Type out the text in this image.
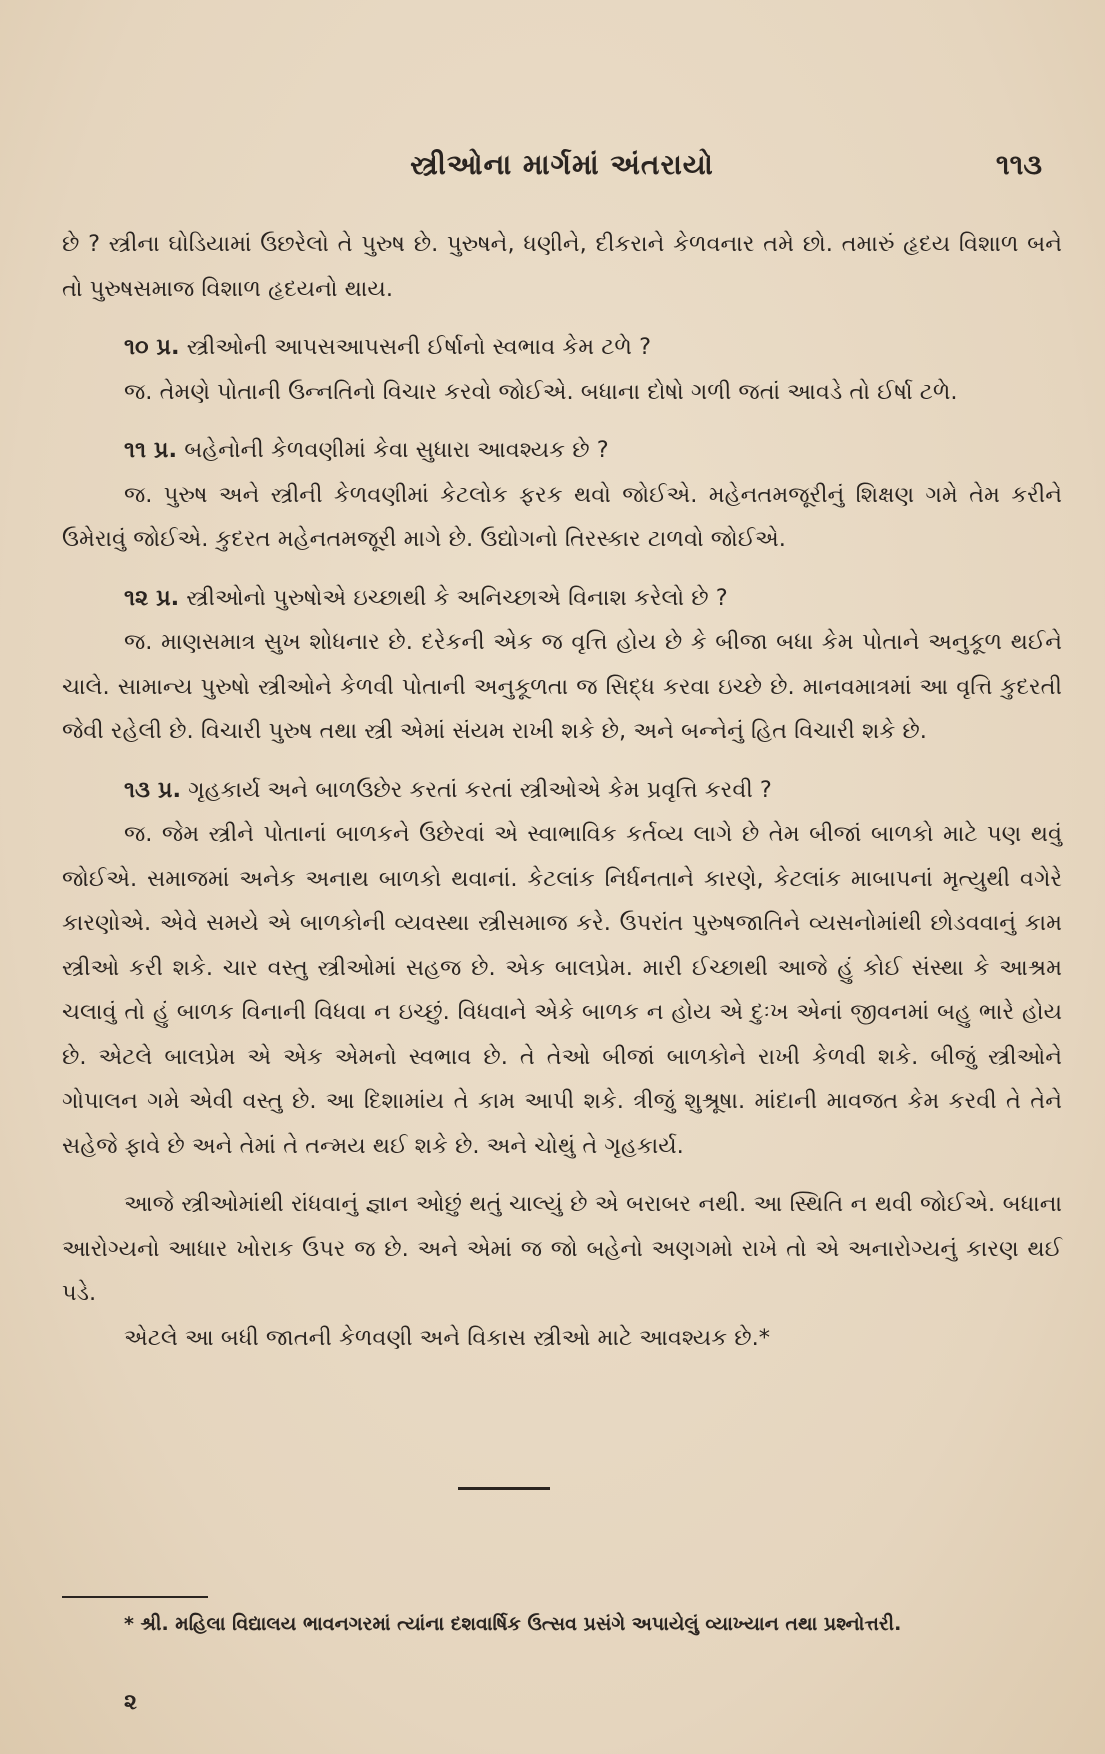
સ્ત્રીઓના માર્ગમાં અંતરાયો	૧૧૩

છે ? સ્ત્રીના ઘોડિયામાં ઉછરેલો તે પુરુષ છે. પુરુષને, ધણીને, દીકરાને કેળવનાર તમે છો. તમારું હૃદય વિશાળ બને તો પુરુષસમાજ વિશાળ હૃદયનો થાય.

૧૦ પ્ર. સ્ત્રીઓની આપસઆપસની ઈર્ષાનો સ્વભાવ કેમ ટળે ?

જ. તેમણે પોતાની ઉન્નતિનો વિચાર કરવો જોઈએ. બધાના દોષો ગળી જતાં આવડે તો ઈર્ષા ટળે.

૧૧ પ્ર. બહેનોની કેળવણીમાં કેવા સુધારા આવશ્યક છે ?

જ. પુરુષ અને સ્ત્રીની કેળવણીમાં કેટલોક ફરક થવો જોઈએ. મહેનતમજૂરીનું શિક્ષણ ગમે તેમ કરીને ઉમેરાવું જોઈએ. કુદરત મહેનતમજૂરી માગે છે. ઉદ્યોગનો તિરસ્કાર ટાળવો જોઈએ.

૧૨ પ્ર. સ્ત્રીઓનો પુરુષોએ ઇચ્છાથી કે અનિચ્છાએ વિનાશ કરેલો છે ?

જ. માણસમાત્ર સુખ શોધનાર છે. દરેકની એક જ વૃત્તિ હોય છે કે બીજા બધા કેમ પોતાને અનુકૂળ થઈને ચાલે. સામાન્ય પુરુષો સ્ત્રીઓને કેળવી પોતાની અનુકૂળતા જ સિદ્ધ કરવા ઇચ્છે છે. માનવમાત્રમાં આ વૃત્તિ કુદરતી જેવી રહેલી છે. વિચારી પુરુષ તથા સ્ત્રી એમાં સંયમ રાખી શકે છે, અને બન્નેનું હિત વિચારી શકે છે.

૧૩ પ્ર. ગૃહકાર્ય અને બાળઉછેર કરતાં કરતાં સ્ત્રીઓએ કેમ પ્રવૃત્તિ કરવી ?

જ. જેમ સ્ત્રીને પોતાનાં બાળકને ઉછેરવાં એ સ્વાભાવિક કર્તવ્ય લાગે છે તેમ બીજાં બાળકો માટે પણ થવું જોઈએ. સમાજમાં અનેક અનાથ બાળકો થવાનાં. કેટલાંક નિર્ધનતાને કારણે, કેટલાંક માબાપનાં મૃત્યુથી વગેરે કારણોએ. એવે સમયે એ બાળકોની વ્યવસ્થા સ્ત્રીસમાજ કરે. ઉપરાંત પુરુષજાતિને વ્યસનોમાંથી છોડવવાનું કામ સ્ત્રીઓ કરી શકે. ચાર વસ્તુ સ્ત્રીઓમાં સહજ છે. એક બાલપ્રેમ. મારી ઈચ્છાથી આજે હું કોઈ સંસ્થા કે આશ્રમ ચલાવું તો હું બાળક વિનાની વિધવા ન ઇચ્છું. વિધવાને એકે બાળક ન હોય એ દુઃખ એનાં જીવનમાં બહુ ભારે હોય છે. એટલે બાલપ્રેમ એ એક એમનો સ્વભાવ છે. તે તેઓ બીજાં બાળકોને રાખી કેળવી શકે. બીજું સ્ત્રીઓને ગોપાલન ગમે એવી વસ્તુ છે. આ દિશામાંય તે કામ આપી શકે. ત્રીજું શુશ્રૂષા. માંદાની માવજત કેમ કરવી તે તેને સહેજે ફાવે છે અને તેમાં તે તન્મય થઈ શકે છે. અને ચોથું તે ગૃહકાર્ય.

આજે સ્ત્રીઓમાંથી રાંધવાનું જ્ઞાન ઓછું થતું ચાલ્યું છે એ બરાબર નથી. આ સ્થિતિ ન થવી જોઈએ. બધાના આરોગ્યનો આધાર ખોરાક ઉપર જ છે. અને એમાં જ જો બહેનો અણગમો રાખે તો એ અનારોગ્યનું કારણ થઈ પડે.

એટલે આ બધી જાતની કેળવણી અને વિકાસ સ્ત્રીઓ માટે આવશ્યક છે.*

* શ્રી. મહિલા વિદ્યાલય ભાવનગરમાં ત્યાંના દશવાર્ષિક ઉત્સવ પ્રસંગે અપાયેલું વ્યાખ્યાન તથા પ્રશ્નોત્તરી.
૨
